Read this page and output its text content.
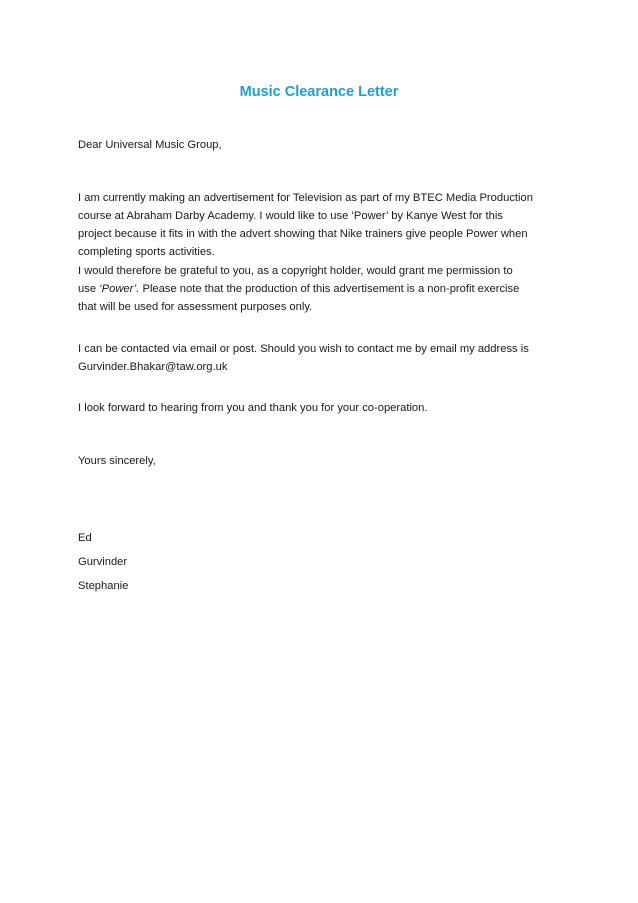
Music Clearance Letter

Dear Universal Music Group,

I am currently making an advertisement for Television as part of my BTEC Media Production
course at Abraham Darby Academy. I would like to use ‘Power’ by Kanye West for this
project because it fits in with the advert showing that Nike trainers give people Power when
completing sports activities.

I would therefore be grateful to you, as a copyright holder, would grant me permission to
use ‘Power’. Please note that the production of this advertisement is a non-profit exercise
that will be used for assessment purposes only.

I can be contacted via email or post. Should you wish to contact me by email my address is
Gurvinder.Bhakar@taw.org.uk

I look forward to hearing from you and thank you for your co-operation.

Yours sincerely,

Ed
Gurvinder
Stephanie
